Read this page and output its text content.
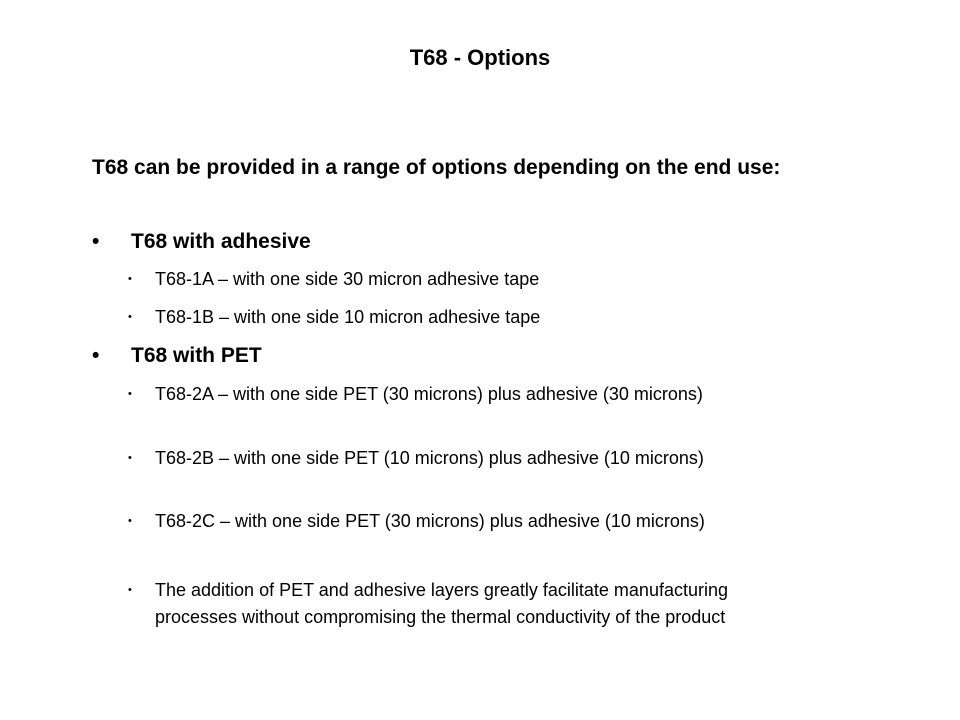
T68 - Options
T68 can be provided in a range of options depending on the end use:
• T68 with adhesive
• T68-1A – with one side 30 micron adhesive tape
• T68-1B – with one side 10 micron adhesive tape
• T68 with PET
• T68-2A – with one side PET (30 microns) plus adhesive (30 microns)
• T68-2B – with one side PET (10 microns) plus adhesive (10 microns)
• T68-2C – with one side PET (30 microns) plus adhesive (10 microns)
• The addition of PET and adhesive layers greatly facilitate manufacturing processes without compromising the thermal conductivity of the product
